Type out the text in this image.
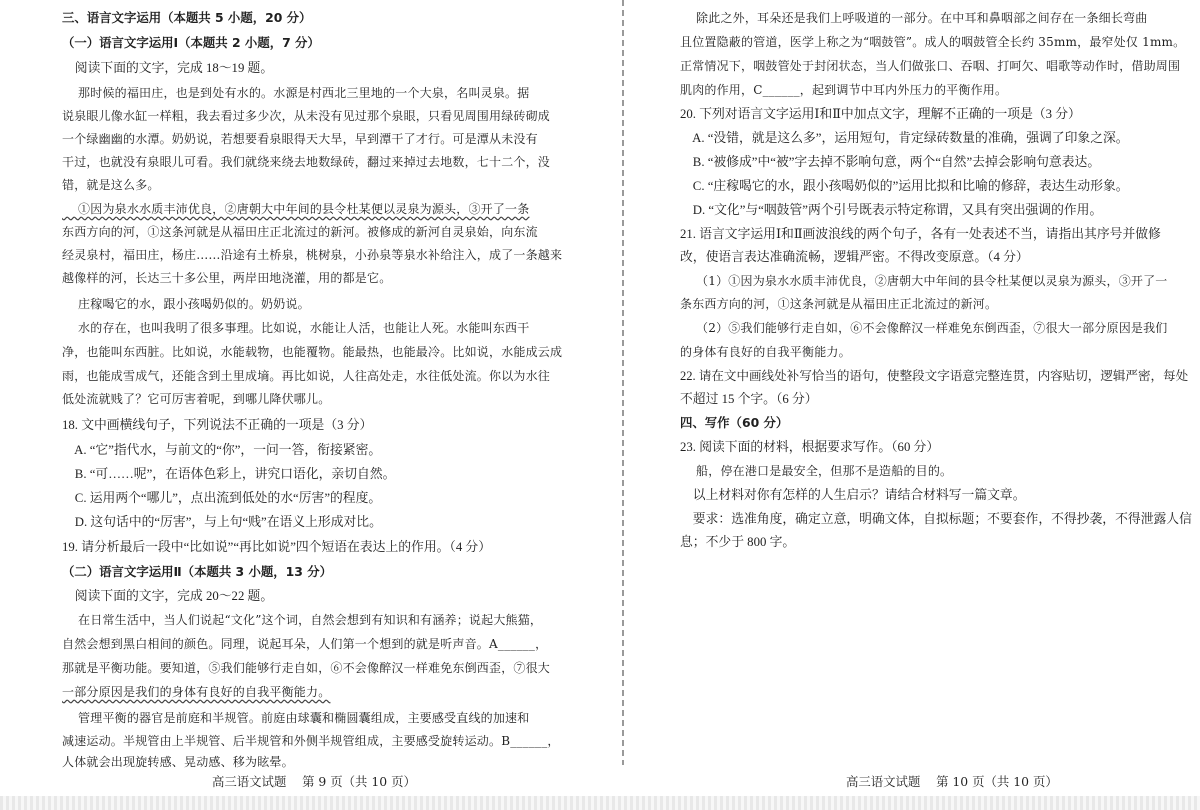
三、语言文字运用（本题共 5 小题，20 分）
（一）语言文字运用Ⅰ（本题共 2 小题，7 分）
阅读下面的文字，完成 18～19 题。
那时候的福田庄，也是到处有水的。水源是村西北三里地的一个大泉，名叫灵泉。据
说泉眼儿像水缸一样粗，我去看过多少次，从未没有见过那个泉眼，只看见周围用绿砖砌成
一个绿幽幽的水潭。奶奶说，若想要看泉眼得天大旱，早到潭干了才行。可是潭从未没有
干过，也就没有泉眼儿可看。我们就绕来绕去地数绿砖，翻过来掉过去地数，七十二个，没
错，就是这么多。
①因为泉水水质丰沛优良，②唐朝大中年间的县令杜某便以灵泉为源头，③开了一条
东西方向的河，①这条河就是从福田庄正北流过的新河。被修成的新河自灵泉始，向东流
经灵泉村，福田庄，杨庄……沿途有土桥泉，桃树泉，小孙泉等泉水补给注入，成了一条越来
越像样的河，长达三十多公里，两岸田地浇灌，用的都是它。
庄稼喝它的水，跟小孩喝奶似的。奶奶说。
水的存在，也叫我明了很多事理。比如说，水能让人活，也能让人死。水能叫东西干
净，也能叫东西脏。比如说，水能载物，也能覆物。能最热，也能最冷。比如说，水能成云成
雨，也能成雪成气，还能含到土里成墒。再比如说，人往高处走，水往低处流。你以为水往
低处流就贱了？它可厉害着呢，到哪儿降伏哪儿。
18. 文中画横线句子，下列说法不正确的一项是（3 分）
A. “它”指代水，与前文的“你”，一问一答，衔接紧密。
B. “可……呢”，在语体色彩上，讲究口语化，亲切自然。
C. 运用两个“哪儿”，点出流到低处的水“厉害”的程度。
D. 这句话中的“厉害”，与上句“贱”在语义上形成对比。
19. 请分析最后一段中“比如说”“再比如说”四个短语在表达上的作用。（4 分）
（二）语言文字运用Ⅱ（本题共 3 小题，13 分）
阅读下面的文字，完成 20～22 题。
在日常生活中，当人们说起“文化”这个词，自然会想到有知识和有涵养；说起大熊猫，
自然会想到黑白相间的颜色。同理，说起耳朵，人们第一个想到的就是听声音。A______，
那就是平衡功能。要知道，⑤我们能够行走自如，⑥不会像醉汉一样难免东倒西歪，⑦很大
一部分原因是我们的身体有良好的自我平衡能力。
管理平衡的器官是前庭和半规管。前庭由球囊和椭圆囊组成，主要感受直线的加速和
减速运动。半规管由上半规管、后半规管和外侧半规管组成，主要感受旋转运动。B______，
人体就会出现旋转感、晃动感、移为眩晕。
除此之外，耳朵还是我们上呼吸道的一部分。在中耳和鼻咽部之间存在一条细长弯曲
且位置隐蔽的管道，医学上称之为“咽鼓管”。成人的咽鼓管全长约 35mm，最窄处仅 1mm。
正常情况下，咽鼓管处于封闭状态，当人们做张口、吞咽、打呵欠、唱歌等动作时，借助周围
肌肉的作用，C______，起到调节中耳内外压力的平衡作用。
20. 下列对语言文字运用Ⅰ和Ⅱ中加点文字，理解不正确的一项是（3 分）
A. “没错，就是这么多”，运用短句，肯定绿砖数量的准确，强调了印象之深。
B. “被修成”中“被”字去掉不影响句意，两个“自然”去掉会影响句意表达。
C. “庄稼喝它的水，跟小孩喝奶似的”运用比拟和比喻的修辞，表达生动形象。
D. “文化”与“咽鼓管”两个引号既表示特定称谓，又具有突出强调的作用。
21. 语言文字运用Ⅰ和Ⅱ画波浪线的两个句子，各有一处表述不当，请指出其序号并做修
改，使语言表达准确流畅，逻辑严密。不得改变原意。（4 分）
（1）①因为泉水水质丰沛优良，②唐朝大中年间的县令杜某便以灵泉为源头，③开了一
条东西方向的河，①这条河就是从福田庄正北流过的新河。
（2）⑤我们能够行走自如，⑥不会像醉汉一样难免东倒西歪，⑦很大一部分原因是我们
的身体有良好的自我平衡能力。
22. 请在文中画线处补写恰当的语句，使整段文字语意完整连贯，内容贴切，逻辑严密，每处
不超过 15 个字。（6 分）
四、写作（60 分）
23. 阅读下面的材料，根据要求写作。（60 分）
船，停在港口是最安全，但那不是造船的目的。
以上材料对你有怎样的人生启示？请结合材料写一篇文章。
要求：选准角度，确定立意，明确文体，自拟标题；不要套作，不得抄袭，不得泄露人信
息；不少于 800 字。
高三语文试题    第 9 页（共 10 页）	高三语文试题    第 10 页（共 10 页）
